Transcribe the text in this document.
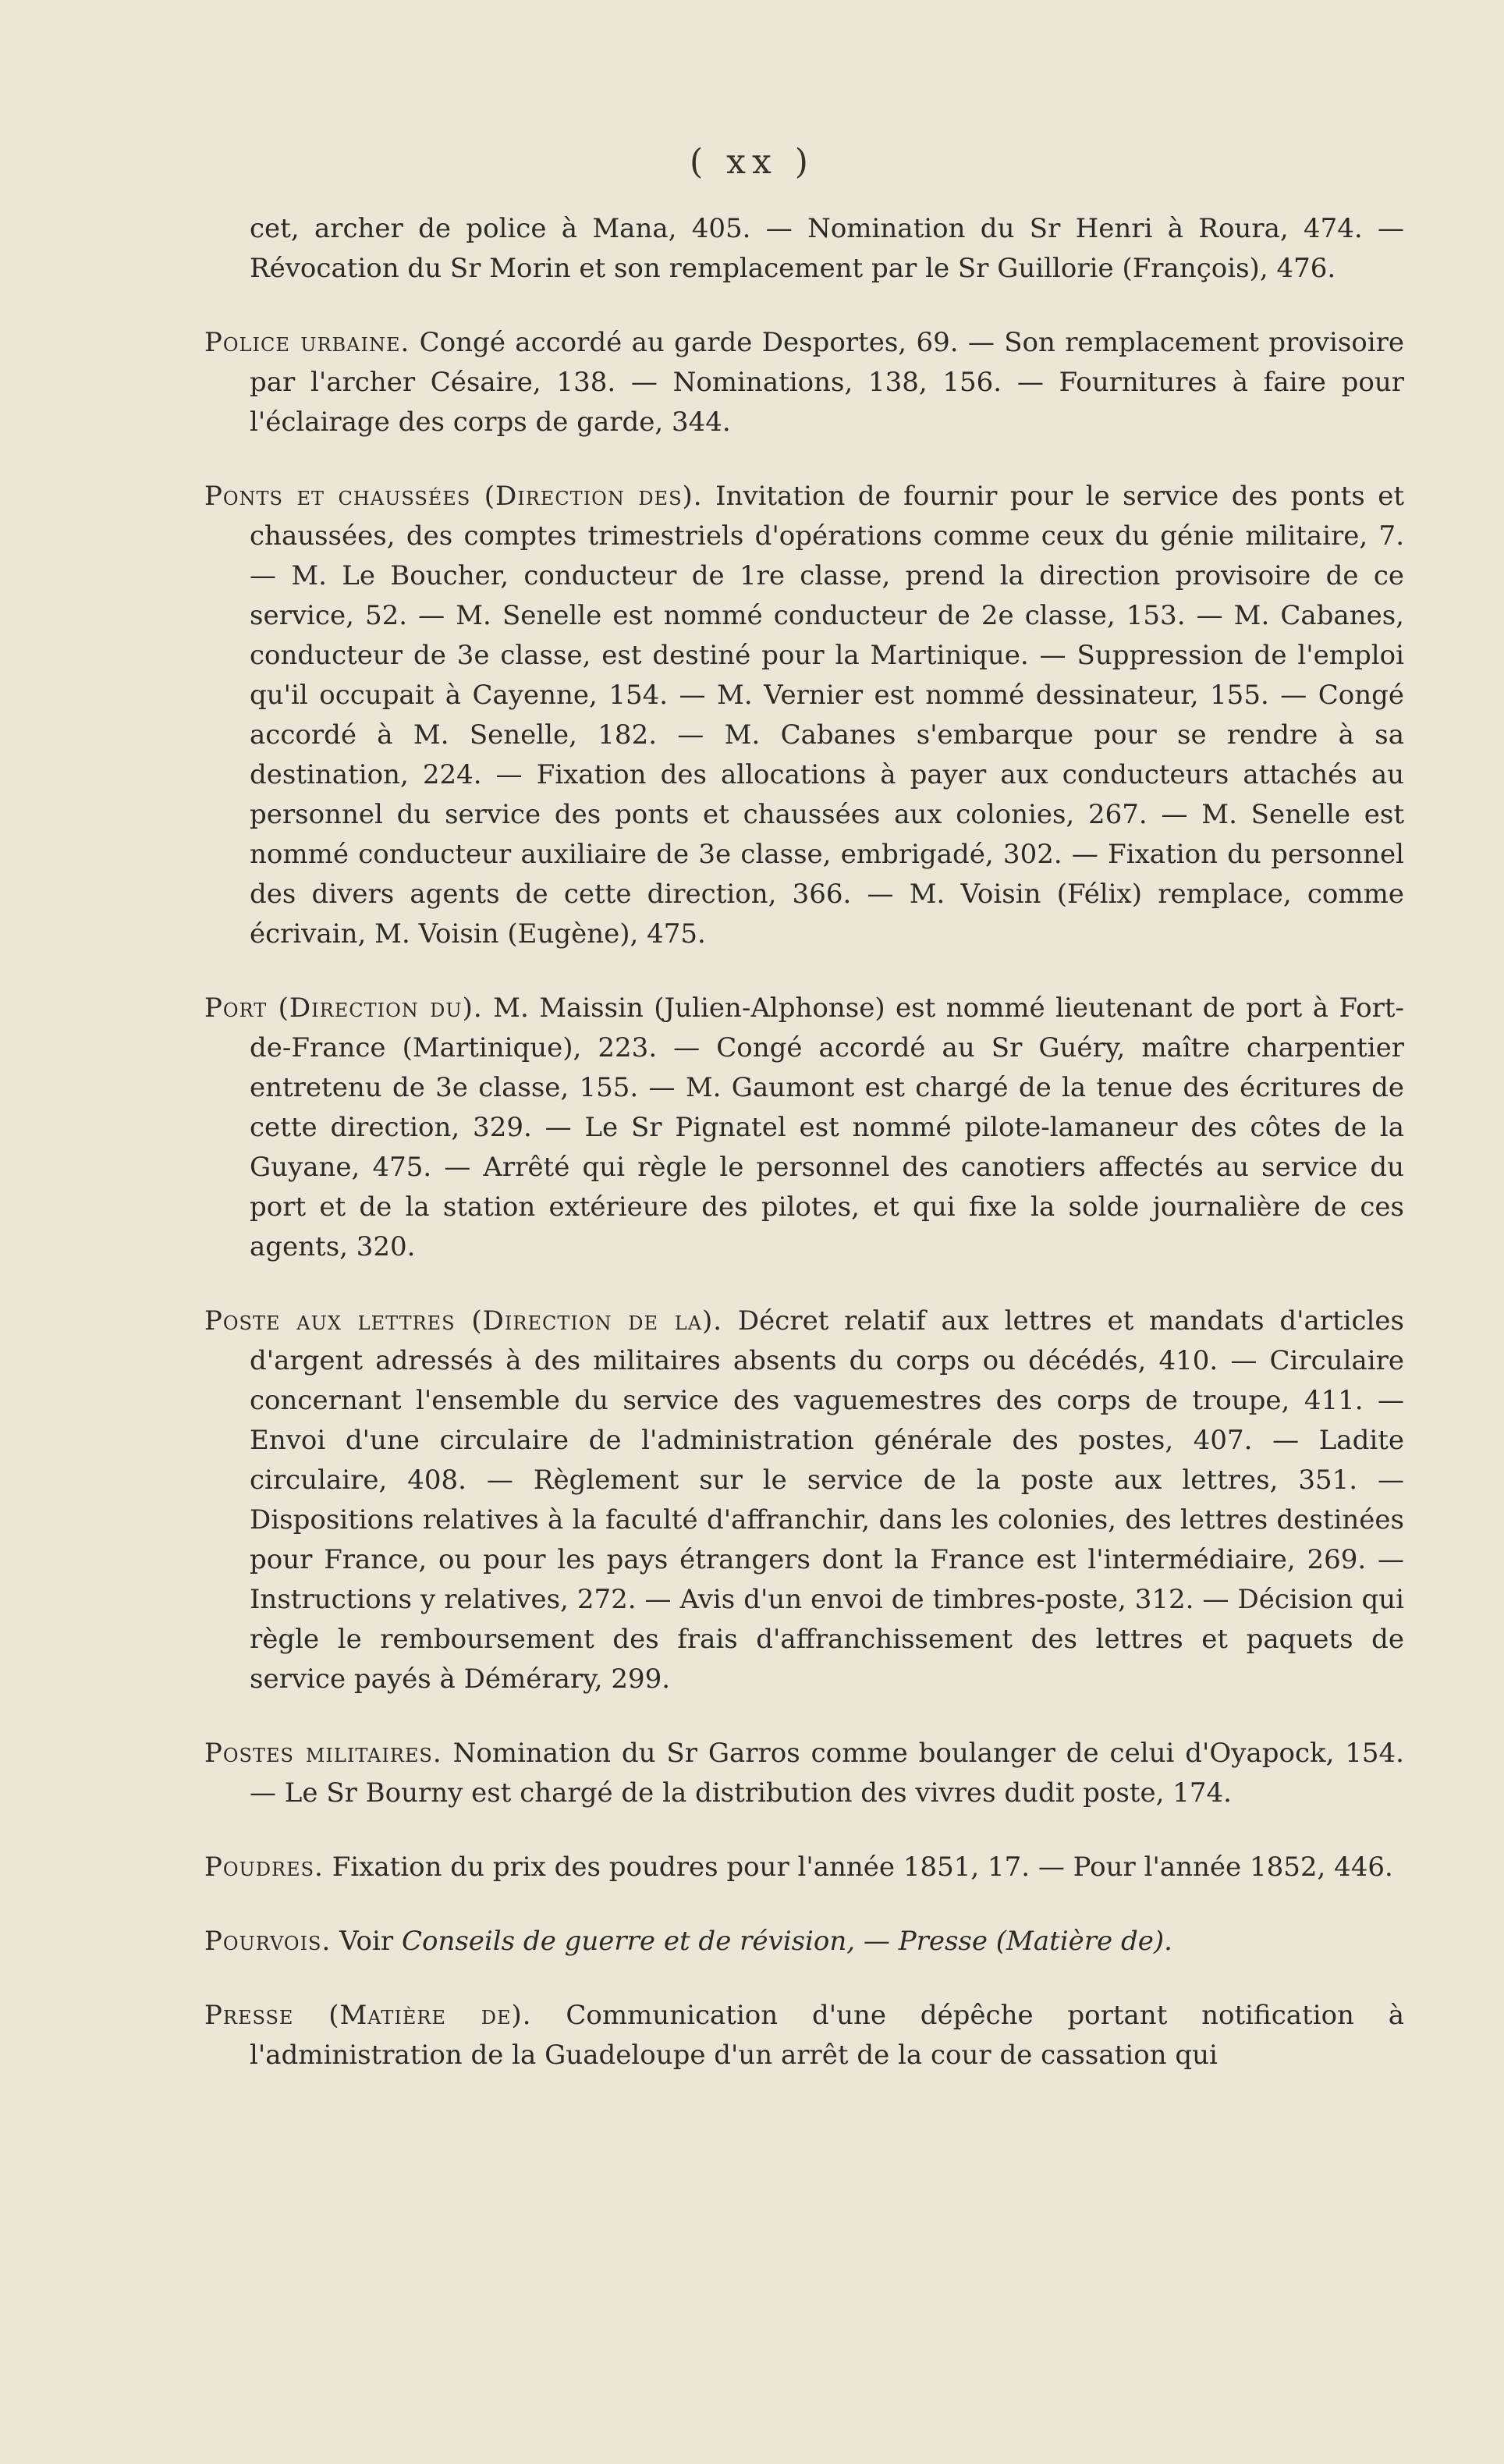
( xx )

cet, archer de police à Mana, 405. — Nomination du Sr Henri à Roura, 474. — Révocation du Sr Morin et son remplacement par le Sr Guillorie (François), 476.

Police urbaine. Congé accordé au garde Desportes, 69. — Son remplacement provisoire par l'archer Césaire, 138. — Nominations, 138, 156. — Fournitures à faire pour l'éclairage des corps de garde, 344.

Ponts et chaussées (Direction des). Invitation de fournir pour le service des ponts et chaussées, des comptes trimestriels d'opérations comme ceux du génie militaire, 7. — M. Le Boucher, conducteur de 1re classe, prend la direction provisoire de ce service, 52. — M. Senelle est nommé conducteur de 2e classe, 153. — M. Cabanes, conducteur de 3e classe, est destiné pour la Martinique. — Suppression de l'emploi qu'il occupait à Cayenne, 154. — M. Vernier est nommé dessinateur, 155. — Congé accordé à M. Senelle, 182. — M. Cabanes s'embarque pour se rendre à sa destination, 224. — Fixation des allocations à payer aux conducteurs attachés au personnel du service des ponts et chaussées aux colonies, 267. — M. Senelle est nommé conducteur auxiliaire de 3e classe, embrigadé, 302. — Fixation du personnel des divers agents de cette direction, 366. — M. Voisin (Félix) remplace, comme écrivain, M. Voisin (Eugène), 475.

Port (Direction du). M. Maissin (Julien-Alphonse) est nommé lieutenant de port à Fort-de-France (Martinique), 223. — Congé accordé au Sr Guéry, maître charpentier entretenu de 3e classe, 155. — M. Gaumont est chargé de la tenue des écritures de cette direction, 329. — Le Sr Pignatel est nommé pilote-lamaneur des côtes de la Guyane, 475. — Arrêté qui règle le personnel des canotiers affectés au service du port et de la station extérieure des pilotes, et qui fixe la solde journalière de ces agents, 320.

Poste aux lettres (Direction de la). Décret relatif aux lettres et mandats d'articles d'argent adressés à des militaires absents du corps ou décédés, 410. — Circulaire concernant l'ensemble du service des vaguemestres des corps de troupe, 411. — Envoi d'une circulaire de l'administration générale des postes, 407. — Ladite circulaire, 408. — Règlement sur le service de la poste aux lettres, 351. — Dispositions relatives à la faculté d'affranchir, dans les colonies, des lettres destinées pour France, ou pour les pays étrangers dont la France est l'intermédiaire, 269. — Instructions y relatives, 272. — Avis d'un envoi de timbres-poste, 312. — Décision qui règle le remboursement des frais d'affranchissement des lettres et paquets de service payés à Démérary, 299.

Postes militaires. Nomination du Sr Garros comme boulanger de celui d'Oyapock, 154. — Le Sr Bourny est chargé de la distribution des vivres dudit poste, 174.

Poudres. Fixation du prix des poudres pour l'année 1851, 17. — Pour l'année 1852, 446.

Pourvois. Voir Conseils de guerre et de révision, — Presse (Matière de).

Presse (Matière de). Communication d'une dépêche portant notification à l'administration de la Guadeloupe d'un arrêt de la cour de cassation qui
